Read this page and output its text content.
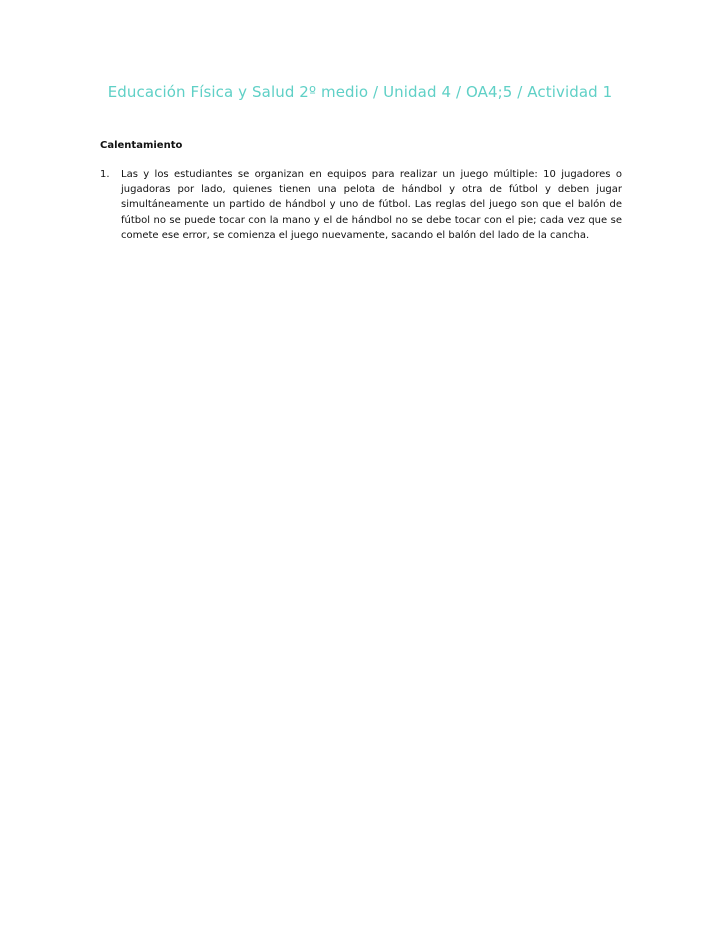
Educación Física y Salud 2º medio / Unidad 4 / OA4;5 / Actividad 1
Calentamiento
1.	Las y los estudiantes se organizan en equipos para realizar un juego múltiple: 10 jugadores o jugadoras por lado, quienes tienen una pelota de hándbol y otra de fútbol y deben jugar simultáneamente un partido de hándbol y uno de fútbol. Las reglas del juego son que el balón de fútbol no se puede tocar con la mano y el de hándbol no se debe tocar con el pie; cada vez que se comete ese error, se comienza el juego nuevamente, sacando el balón del lado de la cancha.
